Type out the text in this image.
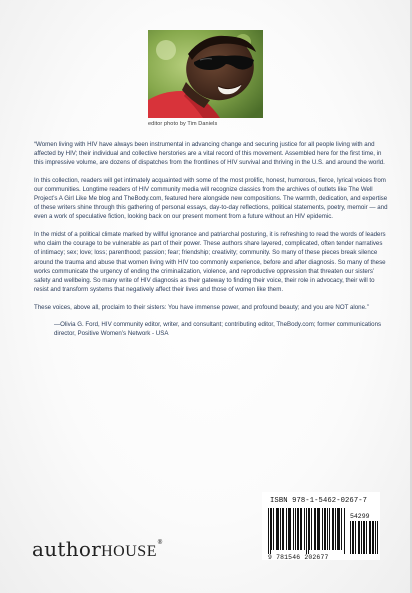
editor photo by Tim Daniels

“Women living with HIV have always been instrumental in advancing change and securing justice for all people living with and affected by HIV; their individual and collective herstories are a vital record of this movement. Assembled here for the first time, in this impressive volume, are dozens of dispatches from the frontlines of HIV survival and thriving in the U.S. and around the world.

In this collection, readers will get intimately acquainted with some of the most prolific, honest, humorous, fierce, lyrical voices from our communities. Longtime readers of HIV community media will recognize classics from the archives of outlets like The Well Project’s A Girl Like Me blog and TheBody.com, featured here alongside new compositions. The warmth, dedication, and expertise of these writers shine through this gathering of personal essays, day-to-day reflections, political statements, poetry, memoir — and even a work of speculative fiction, looking back on our present moment from a future without an HIV epidemic.

In the midst of a political climate marked by willful ignorance and patriarchal posturing, it is refreshing to read the words of leaders who claim the courage to be vulnerable as part of their power. These authors share layered, complicated, often tender narratives of intimacy; sex; love; loss; parenthood; passion; fear; friendship; creativity; community. So many of these pieces break silence around the trauma and abuse that women living with HIV too commonly experience, before and after diagnosis. So many of these works communicate the urgency of ending the criminalization, violence, and reproductive oppression that threaten our sisters’ safety and wellbeing. So many write of HIV diagnosis as their gateway to finding their voice, their role in advocacy, their will to resist and transform systems that negatively affect their lives and those of women like them.

These voices, above all, proclaim to their sisters: You have immense power, and profound beauty; and you are NOT alone.”

—Olivia G. Ford, HIV community editor, writer, and consultant; contributing editor, TheBody.com; former communications director, Positive Women’s Network - USA

ISBN 978-1-5462-0267-7
54299
9 781546 202677
authorHOUSE®
